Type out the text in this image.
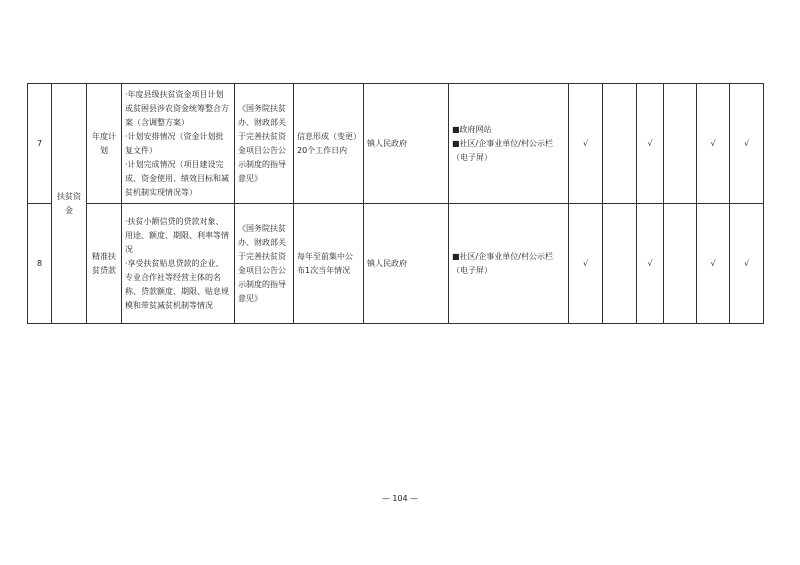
7	扶贫资金	年度计划	·年度县级扶贫资金项目计划或贫困县涉农资金统筹整合方案（含调整方案）
·计划安排情况（资金计划批复文件）
·计划完成情况（项目建设完成、资金使用、绩效目标和减贫机制实现情况等）	《国务院扶贫办、财政部关于完善扶贫资金项目公告公示制度的指导意见》	信息形成（变更）20个工作日内	镇人民政府	■政府网站
■社区/企事业单位/村公示栏（电子屏）	√		√		√	√
8		精准扶贫贷款	·扶贫小额信贷的贷款对象、用途、额度、期限、利率等情况
·享受扶贫贴息贷款的企业、专业合作社等经营主体的名称、贷款额度、期限、贴息规模和带贫减贫机制等情况	《国务院扶贫办、财政部关于完善扶贫资金项目公告公示制度的指导意见》	每年至前集中公布1次当年情况	镇人民政府	■社区/企事业单位/村公示栏（电子屏）	√		√		√	√
— 104 —
